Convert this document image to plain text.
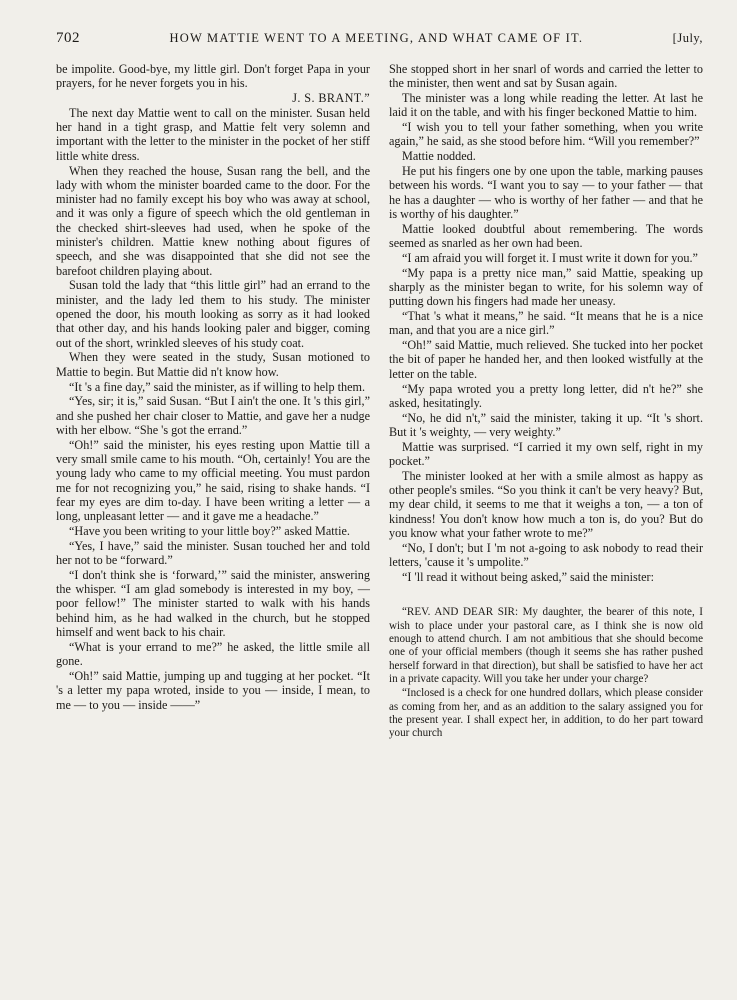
702	HOW MATTIE WENT TO A MEETING, AND WHAT CAME OF IT.	[July,

be impolite. Good-bye, my little girl. Don't forget Papa in your prayers, for he never forgets you in his.

J. S. BRANT.”

The next day Mattie went to call on the minister. Susan held her hand in a tight grasp, and Mattie felt very solemn and important with the letter to the minister in the pocket of her stiff little white dress.

When they reached the house, Susan rang the bell, and the lady with whom the minister boarded came to the door. For the minister had no family except his boy who was away at school, and it was only a figure of speech which the old gentleman in the checked shirt-sleeves had used, when he spoke of the minister's children. Mattie knew nothing about figures of speech, and she was disappointed that she did not see the barefoot children playing about.

Susan told the lady that “this little girl” had an errand to the minister, and the lady led them to his study. The minister opened the door, his mouth looking as sorry as it had looked that other day, and his hands looking paler and bigger, coming out of the short, wrinkled sleeves of his study coat.

When they were seated in the study, Susan motioned to Mattie to begin. But Mattie did n't know how.

“It 's a fine day,” said the minister, as if willing to help them.

“Yes, sir; it is,” said Susan. “But I ain't the one. It 's this girl,” and she pushed her chair closer to Mattie, and gave her a nudge with her elbow. “She 's got the errand.”

“Oh!” said the minister, his eyes resting upon Mattie till a very small smile came to his mouth. “Oh, certainly! You are the young lady who came to my official meeting. You must pardon me for not recognizing you,” he said, rising to shake hands. “I fear my eyes are dim to-day. I have been writing a letter — a long, unpleasant letter — and it gave me a headache.”

“Have you been writing to your little boy?” asked Mattie.

“Yes, I have,” said the minister. Susan touched her and told her not to be “forward.”

“I don't think she is ‘forward,’” said the minister, answering the whisper. “I am glad somebody is interested in my boy, — poor fellow!” The minister started to walk with his hands behind him, as he had walked in the church, but he stopped himself and went back to his chair.

“What is your errand to me?” he asked, the little smile all gone.

“Oh!” said Mattie, jumping up and tugging at her pocket. “It 's a letter my papa wroted, inside to you — inside, I mean, to me — to you — inside ——”

She stopped short in her snarl of words and carried the letter to the minister, then went and sat by Susan again.

The minister was a long while reading the letter. At last he laid it on the table, and with his finger beckoned Mattie to him.

“I wish you to tell your father something, when you write again,” he said, as she stood before him. “Will you remember?”

Mattie nodded.

He put his fingers one by one upon the table, marking pauses between his words. “I want you to say — to your father — that he has a daughter — who is worthy of her father — and that he is worthy of his daughter.”

Mattie looked doubtful about remembering. The words seemed as snarled as her own had been.

“I am afraid you will forget it. I must write it down for you.”

“My papa is a pretty nice man,” said Mattie, speaking up sharply as the minister began to write, for his solemn way of putting down his fingers had made her uneasy.

“That 's what it means,” he said. “It means that he is a nice man, and that you are a nice girl.”

“Oh!” said Mattie, much relieved. She tucked into her pocket the bit of paper he handed her, and then looked wistfully at the letter on the table.

“My papa wroted you a pretty long letter, did n't he?” she asked, hesitatingly.

“No, he did n't,” said the minister, taking it up. “It 's short. But it 's weighty, — very weighty.”

Mattie was surprised. “I carried it my own self, right in my pocket.”

The minister looked at her with a smile almost as happy as other people's smiles. “So you think it can't be very heavy? But, my dear child, it seems to me that it weighs a ton, — a ton of kindness! You don't know how much a ton is, do you? But do you know what your father wrote to me?”

“No, I don't; but I 'm not a-going to ask nobody to read their letters, 'cause it 's umpolite.”

“I 'll read it without being asked,” said the minister:

“REV. AND DEAR SIR: My daughter, the bearer of this note, I wish to place under your pastoral care, as I think she is now old enough to attend church. I am not ambitious that she should become one of your official members (though it seems she has rather pushed herself forward in that direction), but shall be satisfied to have her act in a private capacity. Will you take her under your charge?

“Inclosed is a check for one hundred dollars, which please consider as coming from her, and as an addition to the salary assigned you for the present year. I shall expect her, in addition, to do her part toward your church
